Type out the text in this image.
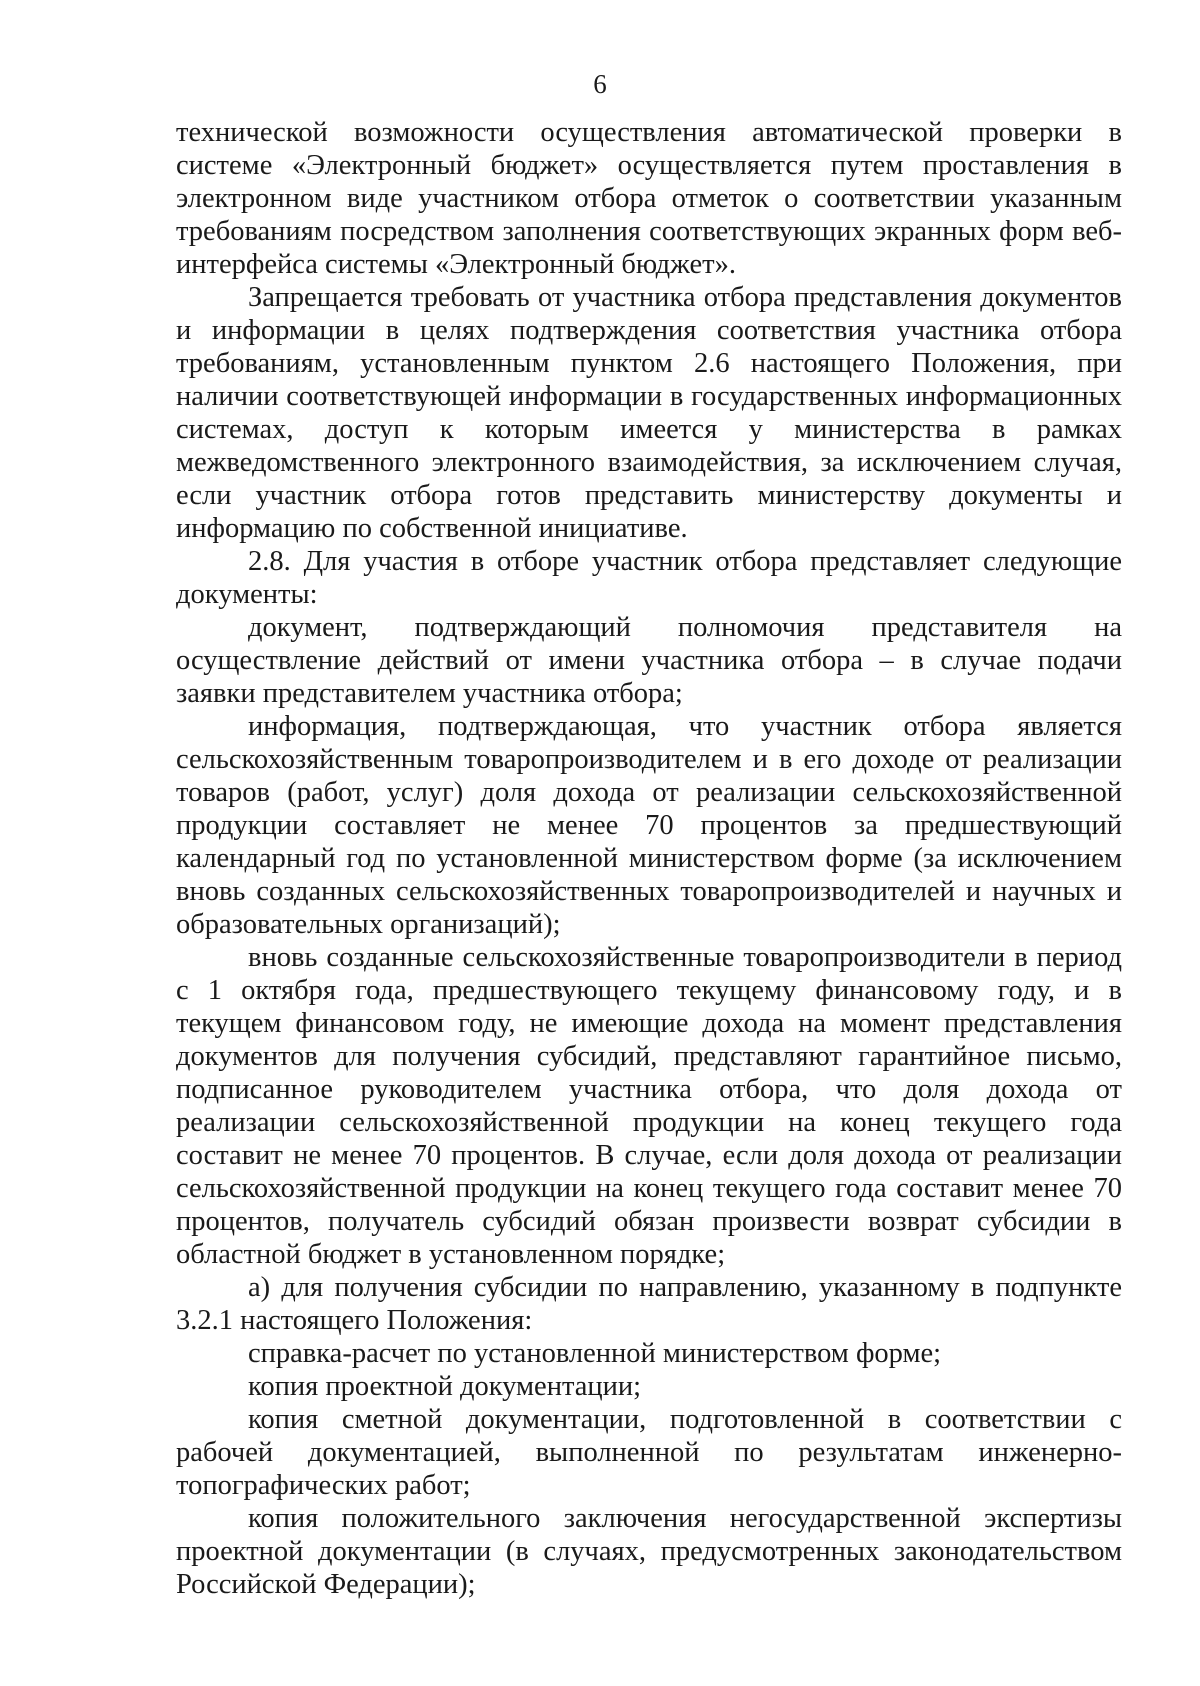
6

технической возможности осуществления автоматической проверки в системе «Электронный бюджет» осуществляется путем проставления в электронном виде участником отбора отметок о соответствии указанным требованиям посредством заполнения соответствующих экранных форм веб-интерфейса системы «Электронный бюджет».

Запрещается требовать от участника отбора представления документов и информации в целях подтверждения соответствия участника отбора требованиям, установленным пунктом 2.6 настоящего Положения, при наличии соответствующей информации в государственных информационных системах, доступ к которым имеется у министерства в рамках межведомственного электронного взаимодействия, за исключением случая, если участник отбора готов представить министерству документы и информацию по собственной инициативе.

2.8. Для участия в отборе участник отбора представляет следующие документы:

документ, подтверждающий полномочия представителя на осуществление действий от имени участника отбора – в случае подачи заявки представителем участника отбора;

информация, подтверждающая, что участник отбора является сельскохозяйственным товаропроизводителем и в его доходе от реализации товаров (работ, услуг) доля дохода от реализации сельскохозяйственной продукции составляет не менее 70 процентов за предшествующий календарный год по установленной министерством форме (за исключением вновь созданных сельскохозяйственных товаропроизводителей и научных и образовательных организаций);

вновь созданные сельскохозяйственные товаропроизводители в период с 1 октября года, предшествующего текущему финансовому году, и в текущем финансовом году, не имеющие дохода на момент представления документов для получения субсидий, представляют гарантийное письмо, подписанное руководителем участника отбора, что доля дохода от реализации сельскохозяйственной продукции на конец текущего года составит не менее 70 процентов. В случае, если доля дохода от реализации сельскохозяйственной продукции на конец текущего года составит менее 70 процентов, получатель субсидий обязан произвести возврат субсидии в областной бюджет в установленном порядке;

а) для получения субсидии по направлению, указанному в подпункте 3.2.1 настоящего Положения:

справка-расчет по установленной министерством форме;

копия проектной документации;

копия сметной документации, подготовленной в соответствии с рабочей документацией, выполненной по результатам инженерно-топографических работ;

копия положительного заключения негосударственной экспертизы проектной документации (в случаях, предусмотренных законодательством Российской Федерации);
